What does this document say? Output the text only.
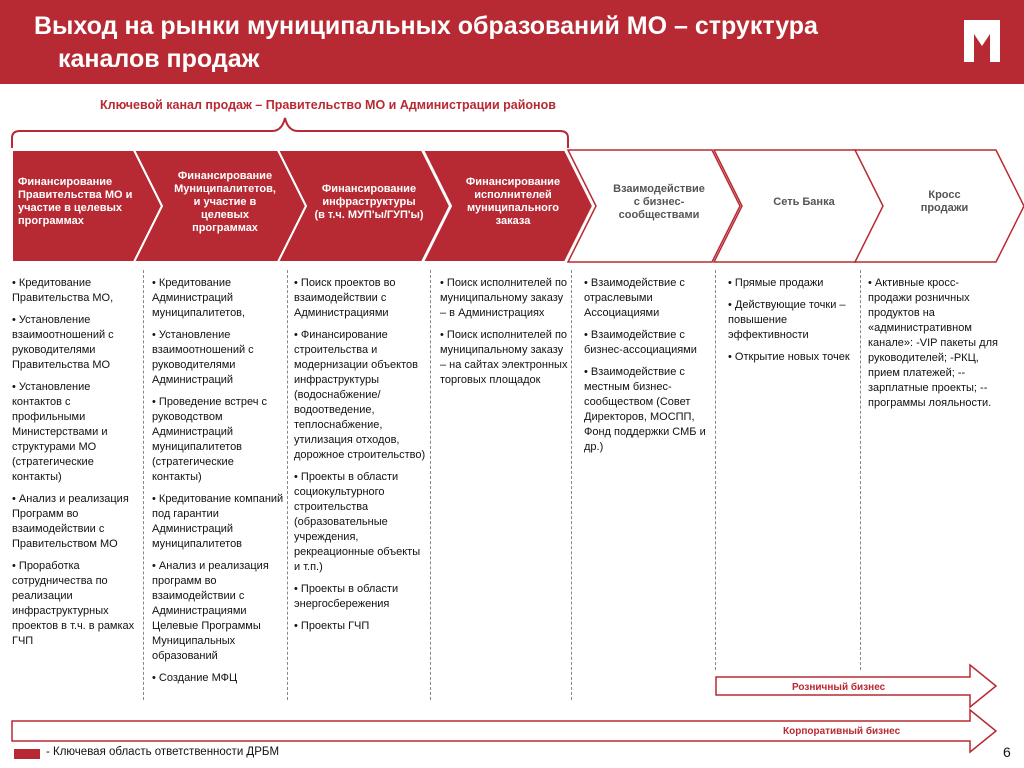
Выход на рынки муниципальных образований МО – структура
каналов продаж
Ключевой канал продаж – Правительство МО и Администрации районов
Розничный бизнес
Корпоративный бизнес
Финансирование
Правительства МО и
участие в целевых
программах
Финансирование
Муниципалитетов,
и участие в
целевых
программах
Финансирование
инфраструктуры
(в т.ч. МУП'ы/ГУП'ы)
Финансирование
исполнителей
муниципального
заказа
Взаимодействие
с бизнес-
сообществами
Сеть Банка
Кросс
продажи
• Кредитование Правительства МО,
• Установление взаимоотношений с руководителями Правительства МО
• Установление контактов с профильными Министерствами и структурами МО (стратегические контакты)
• Анализ и реализация Программ во взаимодействии с Правительством МО
• Проработка сотрудничества по реализации инфраструктурных проектов в т.ч. в рамках ГЧП
• Кредитование Администраций муниципалитетов,
• Установление взаимоотношений с руководителями Администраций
• Проведение встреч с руководством Администраций муниципалитетов (стратегические контакты)
• Кредитование компаний под гарантии Администраций муниципалитетов
• Анализ и реализация программ во взаимодействии с Администрациями Целевые Программы Муниципальных образований
• Создание МФЦ
• Поиск проектов во взаимодействии с Администрациями
• Финансирование строительства и модернизации объектов инфраструктуры (водоснабжение/водоотведение, теплоснабжение, утилизация отходов, дорожное строительство)
• Проекты в области социокультурного строительства (образовательные учреждения, рекреационные объекты и т.п.)
• Проекты в области энергосбережения
• Проекты ГЧП
• Поиск исполнителей по муниципальному заказу – в Администрациях
• Поиск исполнителей по муниципальному заказу – на сайтах электронных торговых площадок
• Взаимодействие с отраслевыми Ассоциациями
• Взаимодействие с бизнес-ассоциациями
• Взаимодействие с местным бизнес-сообществом (Совет Директоров, МОСПП, Фонд поддержки СМБ и др.)
• Прямые продажи
• Действующие точки – повышение эффективности
• Открытие новых точек
• Активные кросс-продажи розничных продуктов на «административном канале»: -VIP пакеты для руководителей; -РКЦ, прием платежей; -- зарплатные проекты; -- программы лояльности.
- Ключевая область ответственности ДРБМ	6
